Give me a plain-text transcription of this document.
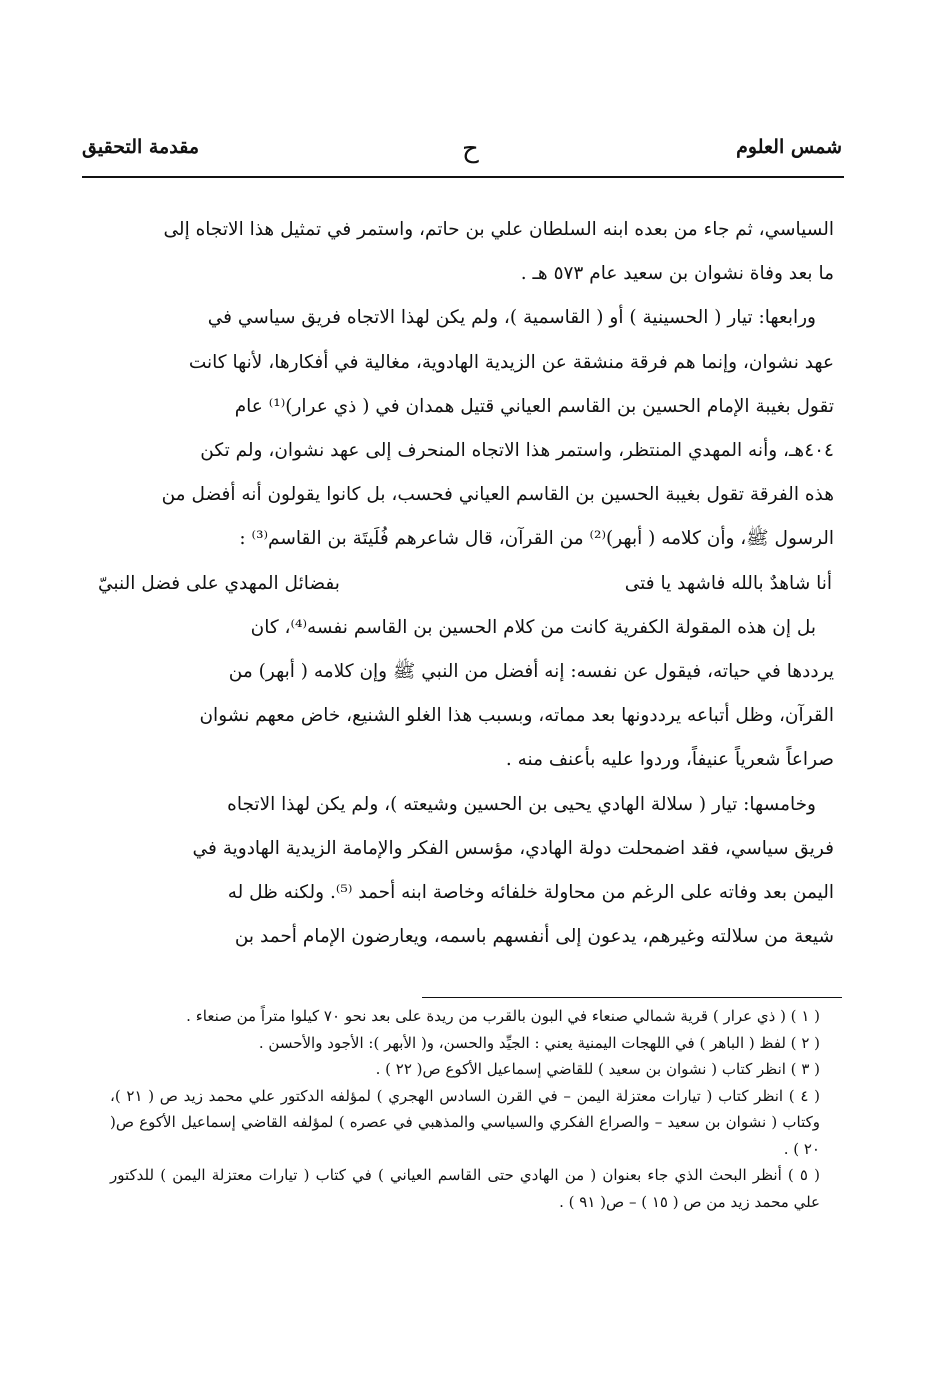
شمس العلوم
ح
مقدمة التحقيق

السياسي، ثم جاء من بعده ابنه السلطان علي بن حاتم، واستمر في تمثيل هذا الاتجاه إلى

ما بعد وفاة نشوان بن سعيد عام ٥٧٣ هـ .

ورابعها: تيار ( الحسينية ) أو ( القاسمية )، ولم يكن لهذا الاتجاه فريق سياسي في

عهد نشوان، وإنما هم فرقة منشقة عن الزيدية الهادوية، مغالية في أفكارها، لأنها كانت

تقول بغيبة الإمام الحسين بن القاسم العياني قتيل همدان في ( ذي عرار)⁽¹⁾ عام

٤٠٤هـ، وأنه المهدي المنتظر، واستمر هذا الاتجاه المنحرف إلى عهد نشوان، ولم تكن

هذه الفرقة تقول بغيبة الحسين بن القاسم العياني فحسب، بل كانوا يقولون أنه أفضل من

الرسول ﷺ، وأن كلامه ( أبهر)⁽²⁾ من القرآن، قال شاعرهم فُلَيتَة بن القاسم⁽³⁾ :

أنا شاهدٌ بالله فاشهد يا فتى
بفضائل المهدي على فضل النبيّ

بل إن هذه المقولة الكفرية كانت من كلام الحسين بن القاسم نفسه⁽⁴⁾، كان

يرددها في حياته، فيقول عن نفسه: إنه أفضل من النبي ﷺ وإن كلامه ( أبهر) من

القرآن، وظل أتباعه يرددونها بعد مماته، وبسبب هذا الغلو الشنيع، خاض معهم نشوان

صراعاً شعرياً عنيفاً، وردوا عليه بأعنف منه .

وخامسها: تيار ( سلالة الهادي يحيى بن الحسين وشيعته )، ولم يكن لهذا الاتجاه

فريق سياسي، فقد اضمحلت دولة الهادي، مؤسس الفكر والإمامة الزيدية الهادوية في

اليمن بعد وفاته على الرغم من محاولة خلفائه وخاصة ابنه أحمد ⁽⁵⁾. ولكنه ظل له

شيعة من سلالته وغيرهم، يدعون إلى أنفسهم باسمه، ويعارضون الإمام أحمد بن

( ١ ) ( ذي عرار ) قرية شمالي صنعاء في البون بالقرب من ريدة على بعد نحو ٧٠ كيلوا متراً من صنعاء .

( ٢ ) لفظ ( الباهر ) في اللهجات اليمنية يعني : الجيِّد والحسن، و( الأبهر ): الأجود والأحسن .

( ٣ ) انظر كتاب ( نشوان بن سعيد ) للقاضي إسماعيل الأكوع ص( ٢٢ ) .

( ٤ ) انظر كتاب ( تيارات معتزلة اليمن – في القرن السادس الهجري ) لمؤلفه الدكتور علي محمد زيد ص ( ٢١ )، وكتاب ( نشوان بن سعيد – والصراع الفكري والسياسي والمذهبي في عصره ) لمؤلفه القاضي إسماعيل الأكوع ص( ٢٠ ) .

( ٥ ) أنظر البحث الذي جاء بعنوان ( من الهادي حتى القاسم العياني ) في كتاب ( تيارات معتزلة اليمن ) للدكتور علي محمد زيد من ص ( ١٥ ) – ص( ٩١ ) .
